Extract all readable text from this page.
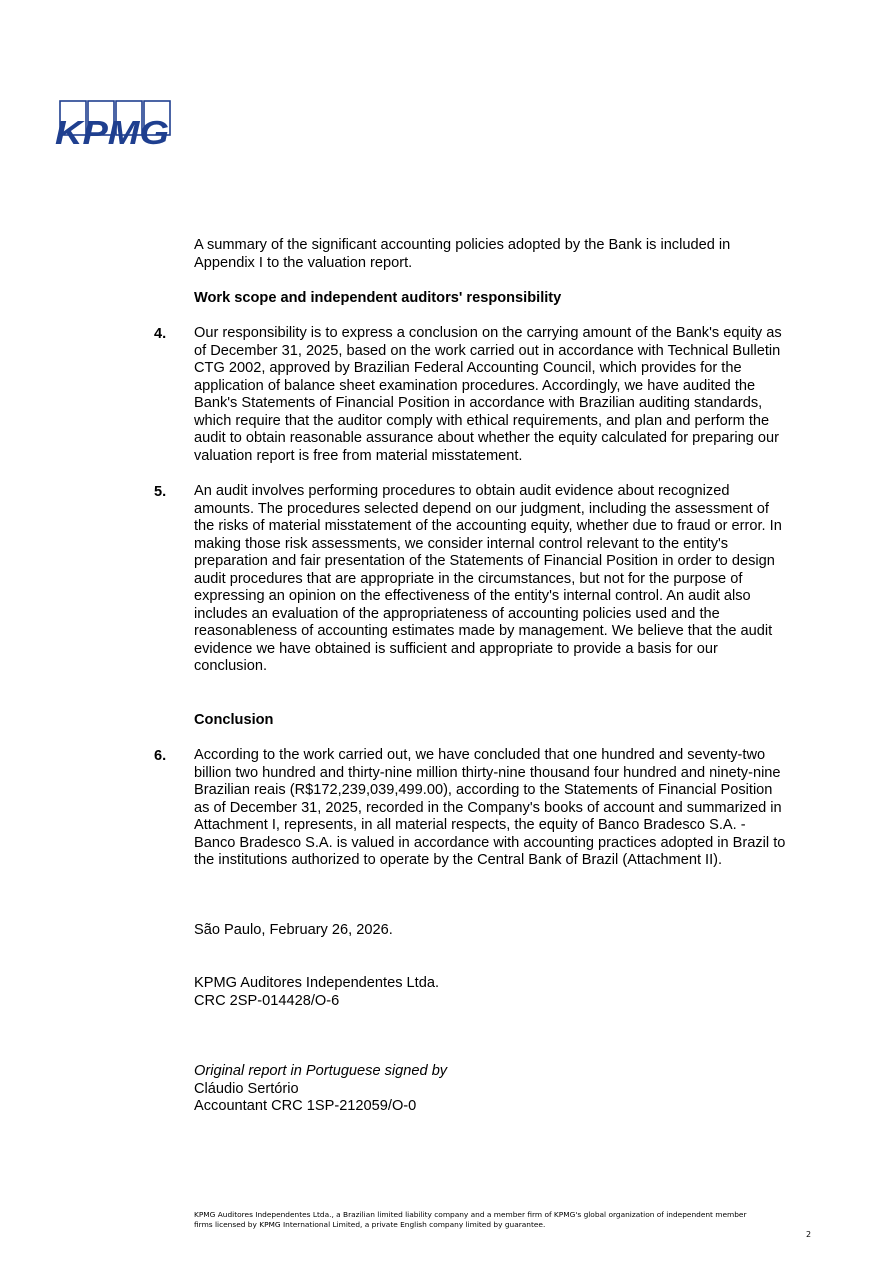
KPMG
A summary of the significant accounting policies adopted by the Bank is included in
Appendix I to the valuation report.
Work scope and independent auditors' responsibility
4. Our responsibility is to express a conclusion on the carrying amount of the Bank's equity as
of December 31, 2025, based on the work carried out in accordance with Technical Bulletin
CTG 2002, approved by Brazilian Federal Accounting Council, which provides for the
application of balance sheet examination procedures. Accordingly, we have audited the
Bank's Statements of Financial Position in accordance with Brazilian auditing standards,
which require that the auditor comply with ethical requirements, and plan and perform the
audit to obtain reasonable assurance about whether the equity calculated for preparing our
valuation report is free from material misstatement.
5. An audit involves performing procedures to obtain audit evidence about recognized
amounts. The procedures selected depend on our judgment, including the assessment of
the risks of material misstatement of the accounting equity, whether due to fraud or error. In
making those risk assessments, we consider internal control relevant to the entity's
preparation and fair presentation of the Statements of Financial Position in order to design
audit procedures that are appropriate in the circumstances, but not for the purpose of
expressing an opinion on the effectiveness of the entity's internal control. An audit also
includes an evaluation of the appropriateness of accounting policies used and the
reasonableness of accounting estimates made by management. We believe that the audit
evidence we have obtained is sufficient and appropriate to provide a basis for our
conclusion.
Conclusion
6. According to the work carried out, we have concluded that one hundred and seventy-two
billion two hundred and thirty-nine million thirty-nine thousand four hundred and ninety-nine
Brazilian reais (R$172,239,039,499.00), according to the Statements of Financial Position
as of December 31, 2025, recorded in the Company's books of account and summarized in
Attachment I, represents, in all material respects, the equity of Banco Bradesco S.A. -
Banco Bradesco S.A. is valued in accordance with accounting practices adopted in Brazil to
the institutions authorized to operate by the Central Bank of Brazil (Attachment II).
São Paulo, February 26, 2026.
KPMG Auditores Independentes Ltda.
CRC 2SP-014428/O-6
Original report in Portuguese signed by
Cláudio Sertório
Accountant CRC 1SP-212059/O-0
KPMG Auditores Independentes Ltda., a Brazilian limited liability company and a member firm of KPMG's global organization of independent member
firms licensed by KPMG International Limited, a private English company limited by guarantee.
2
